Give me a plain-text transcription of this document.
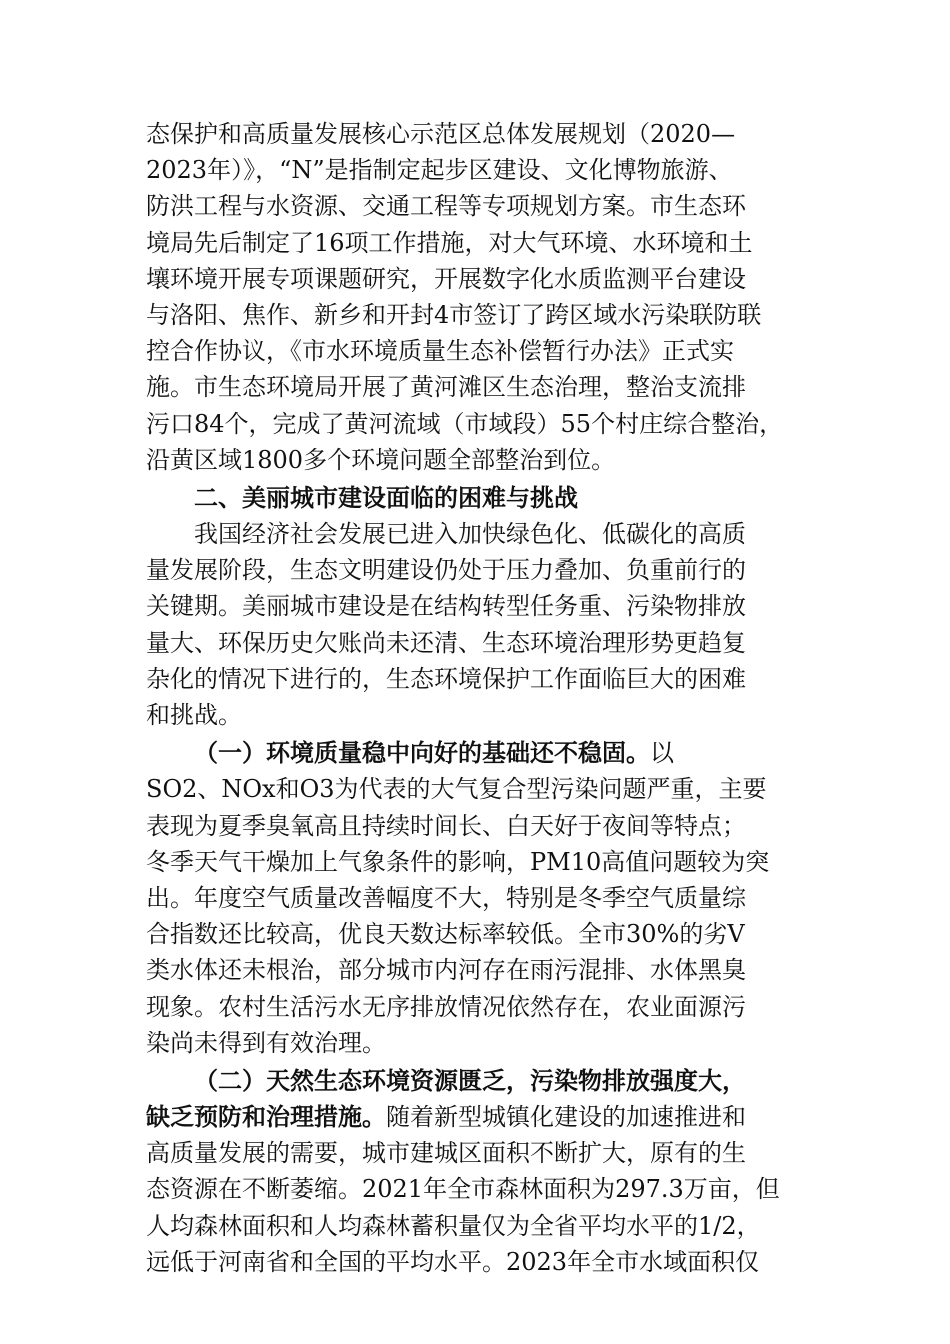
态保护和高质量发展核心示范区总体发展规划（2020—
2023年）》，“N”是指制定起步区建设、文化博物旅游、
防洪工程与水资源、交通工程等专项规划方案。市生态环
境局先后制定了16项工作措施，对大气环境、水环境和土
壤环境开展专项课题研究，开展数字化水质监测平台建设
与洛阳、焦作、新乡和开封4市签订了跨区域水污染联防联
控合作协议，《市水环境质量生态补偿暂行办法》正式实
施。市生态环境局开展了黄河滩区生态治理，整治支流排
污口84个，完成了黄河流域（市域段）55个村庄综合整治，
沿黄区域1800多个环境问题全部整治到位。
二、美丽城市建设面临的困难与挑战
我国经济社会发展已进入加快绿色化、低碳化的高质
量发展阶段，生态文明建设仍处于压力叠加、负重前行的
关键期。美丽城市建设是在结构转型任务重、污染物排放
量大、环保历史欠账尚未还清、生态环境治理形势更趋复
杂化的情况下进行的，生态环境保护工作面临巨大的困难
和挑战。
（一）环境质量稳中向好的基础还不稳固。以
SO2、NOx和O3为代表的大气复合型污染问题严重，主要
表现为夏季臭氧高且持续时间长、白天好于夜间等特点；
冬季天气干燥加上气象条件的影响，PM10高值问题较为突
出。年度空气质量改善幅度不大，特别是冬季空气质量综
合指数还比较高，优良天数达标率较低。全市30%的劣Ⅴ
类水体还未根治，部分城市内河存在雨污混排、水体黑臭
现象。农村生活污水无序排放情况依然存在，农业面源污
染尚未得到有效治理。
（二）天然生态环境资源匮乏，污染物排放强度大，
缺乏预防和治理措施。随着新型城镇化建设的加速推进和
高质量发展的需要，城市建城区面积不断扩大，原有的生
态资源在不断萎缩。2021年全市森林面积为297.3万亩，但
人均森林面积和人均森林蓄积量仅为全省平均水平的1/2，
远低于河南省和全国的平均水平。2023年全市水域面积仅
